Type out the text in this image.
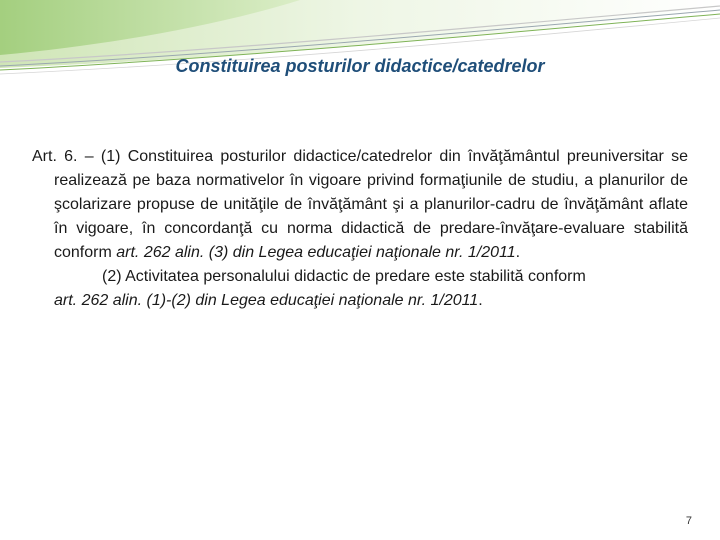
Constituirea posturilor didactice/catedrelor

Art. 6. – (1) Constituirea posturilor didactice/catedrelor din învăţământul preuniversitar se realizează pe baza normativelor în vigoare privind formaţiunile de studiu, a planurilor de şcolarizare propuse de unităţile de învăţământ şi a planurilor-cadru de învăţământ aflate în vigoare, în concordanţă cu norma didactică de predare-învăţare-evaluare stabilită conform art. 262 alin. (3) din Legea educaţiei naţionale nr. 1/2011.

(2) Activitatea personalului didactic de predare este stabilită conform
art. 262 alin. (1)-(2) din Legea educaţiei naţionale nr. 1/2011.

7
